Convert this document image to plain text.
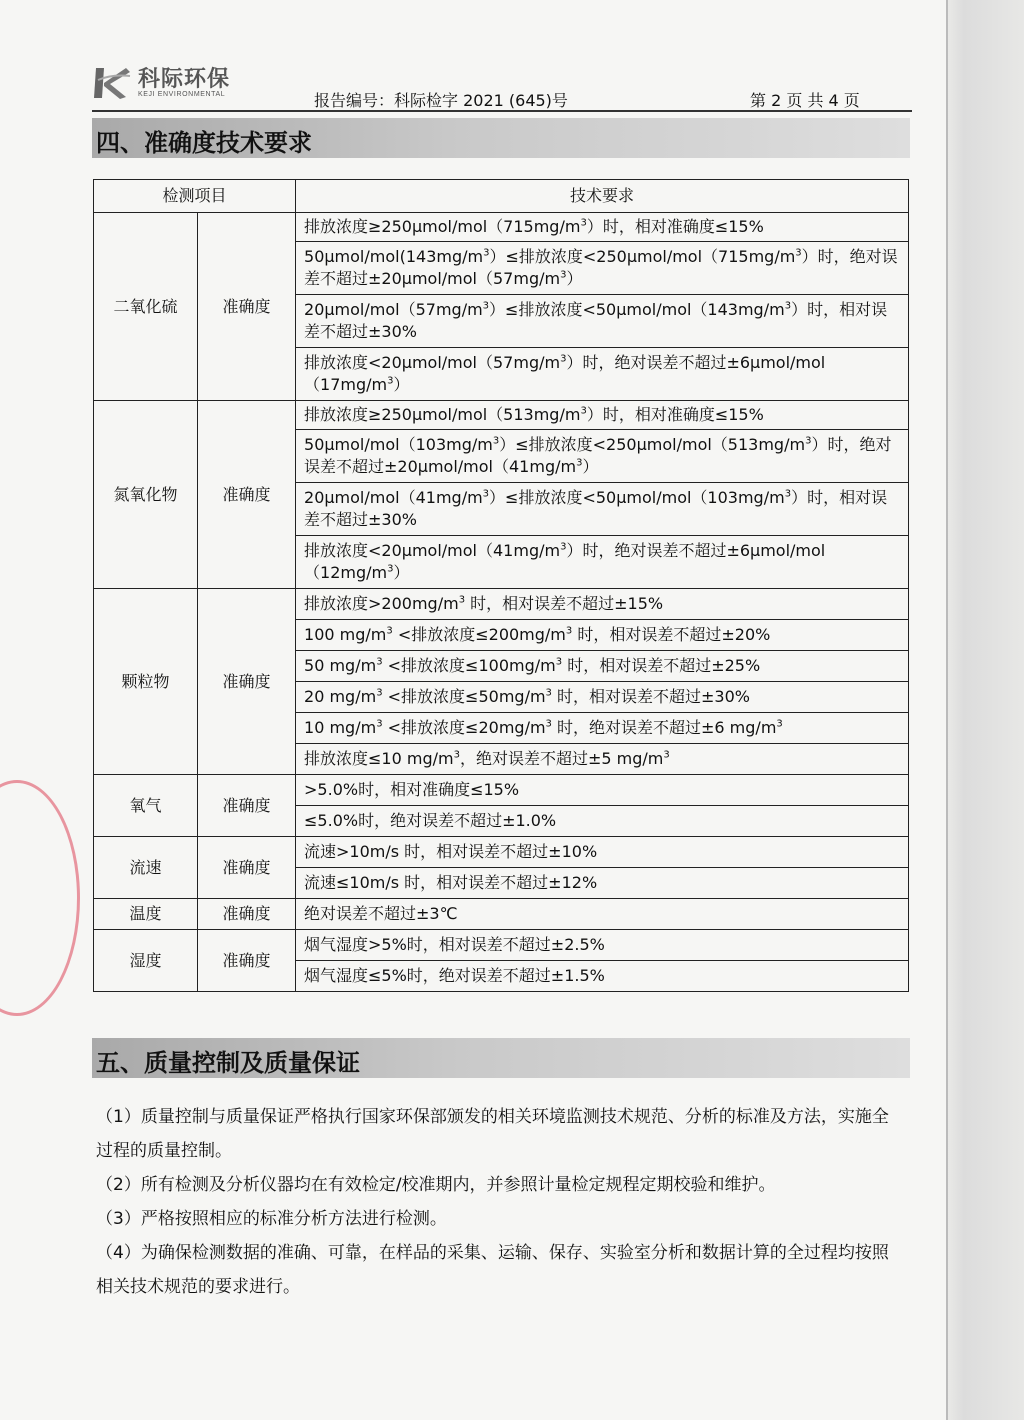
科际环保
KEJI ENVIRONMENTAL	报告编号：科际检字 2021 (645)号	第 2 页 共 4 页
四、准确度技术要求
检测项目		技术要求
二氧化硫	准确度	排放浓度$\ge 250\mu mol/mol(715mg/m^3)$时，相对准确度≤15%
		$50\mu mol/mol(143mg/m^3)\le$排放浓度$<250\mu mol/mol(715mg/m^3)$时，绝对误差不超过$\pm 20\mu mol/mol(57mg/m^3)$
		$20\mu mol/mol(57mg/m^3)\le$排放浓度$<50\mu mol/mol(143mg/m^3)$时，相对误差不超过±30%
		排放浓度$<20\mu mol/mol(57mg/m^3)$时，绝对误差不超过$\pm 6\mu mol/mol(17mg/m^3)$
氮氧化物	准确度	排放浓度$\ge 250\mu mol/mol(513mg/m^3)$时，相对准确度≤15%
		$50\mu mol/mol(103mg/m^3)\le$排放浓度$<250\mu mol/mol(513mg/m^3)$时，绝对误差不超过$\pm 20\mu mol/mol(41mg/m^3)$
		$20\mu mol/mol(41mg/m^3)\le$排放浓度$<50\mu mol/mol(103mg/m^3)$时，相对误差不超过±30%
		排放浓度$<20\mu mol/mol(41mg/m^3)$时，绝对误差不超过$\pm 6\mu mol/mol(12mg/m^3)$
颗粒物	准确度	排放浓度$>200mg/m^3$ 时，相对误差不超过±15%
		100 $mg/m^3$ <排放浓度$\le 200mg/m^3$ 时，相对误差不超过±20%
		50 $mg/m^3$ <排放浓度$\le 100mg/m^3$ 时，相对误差不超过±25%
		20 $mg/m^3$ <排放浓度$\le 50mg/m^3$ 时，相对误差不超过±30%
		10 $mg/m^3$ <排放浓度$\le 20mg/m^3$ 时，绝对误差不超过±6 $mg/m^3$
		排放浓度≤10 $mg/m^3$，绝对误差不超过±5 $mg/m^3$
氧气	准确度	>5.0%时，相对准确度≤15%
		≤5.0%时，绝对误差不超过±1.0%
流速	准确度	流速>10m/s 时，相对误差不超过±10%
		流速≤10m/s 时，相对误差不超过±12%
温度	准确度	绝对误差不超过±3℃
湿度	准确度	烟气湿度>5%时，相对误差不超过±2.5%
		烟气湿度≤5%时，绝对误差不超过±1.5%
五、质量控制及质量保证

（1）质量控制与质量保证严格执行国家环保部颁发的相关环境监测技术规范、分析的标准及方法，实施全过程的质量控制。

（2）所有检测及分析仪器均在有效检定/校准期内，并参照计量检定规程定期校验和维护。

（3）严格按照相应的标准分析方法进行检测。

（4）为确保检测数据的准确、可靠，在样品的采集、运输、保存、实验室分析和数据计算的全过程均按照相关技术规范的要求进行。
